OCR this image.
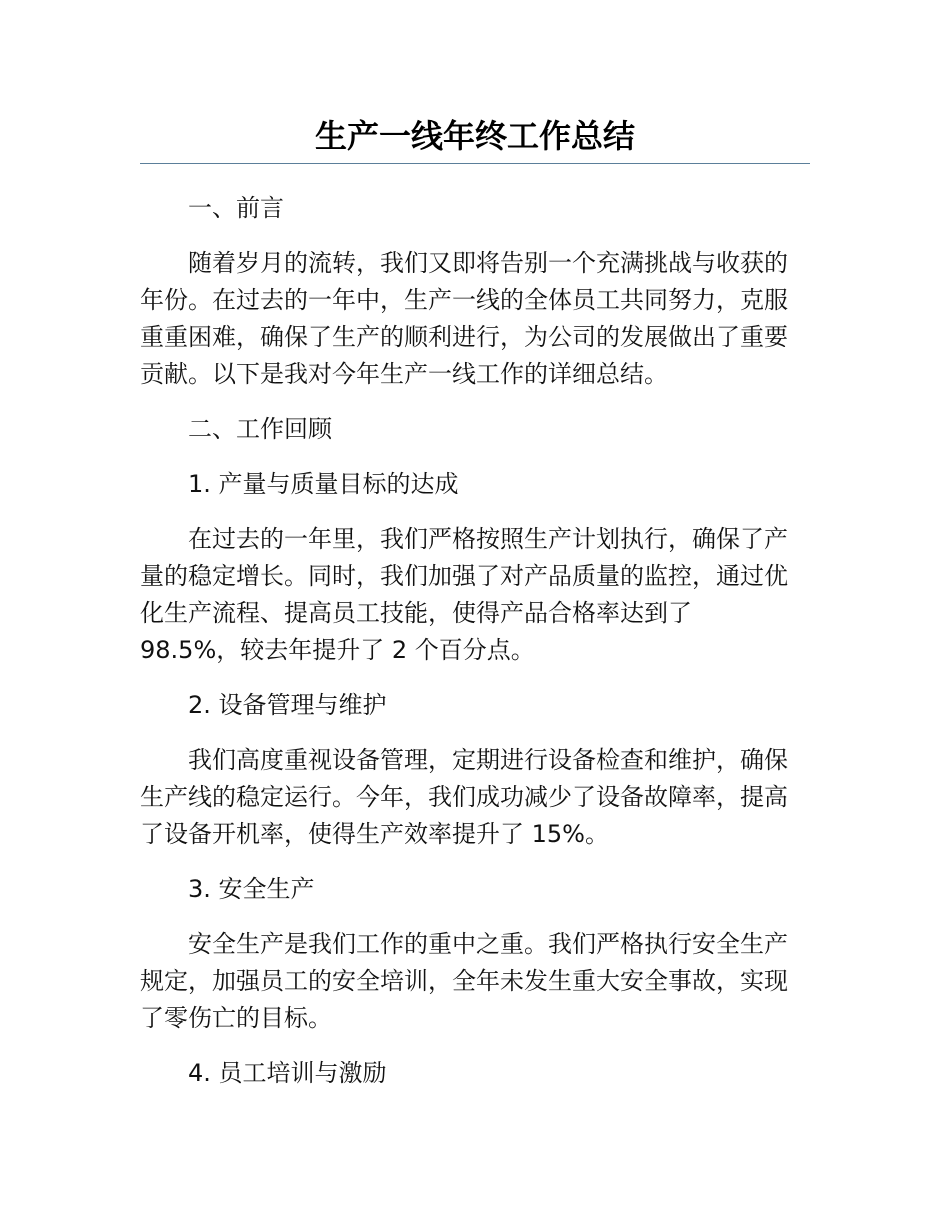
生产一线年终工作总结

一、前言

随着岁月的流转，我们又即将告别一个充满挑战与收获的年份。在过去的一年中，生产一线的全体员工共同努力，克服重重困难，确保了生产的顺利进行，为公司的发展做出了重要贡献。以下是我对今年生产一线工作的详细总结。

二、工作回顾

1. 产量与质量目标的达成

在过去的一年里，我们严格按照生产计划执行，确保了产量的稳定增长。同时，我们加强了对产品质量的监控，通过优化生产流程、提高员工技能，使得产品合格率达到了
98.5%，较去年提升了 2 个百分点。

2. 设备管理与维护

我们高度重视设备管理，定期进行设备检查和维护，确保生产线的稳定运行。今年，我们成功减少了设备故障率，提高了设备开机率，使得生产效率提升了 15%。

3. 安全生产

安全生产是我们工作的重中之重。我们严格执行安全生产规定，加强员工的安全培训，全年未发生重大安全事故，实现了零伤亡的目标。

4. 员工培训与激励
